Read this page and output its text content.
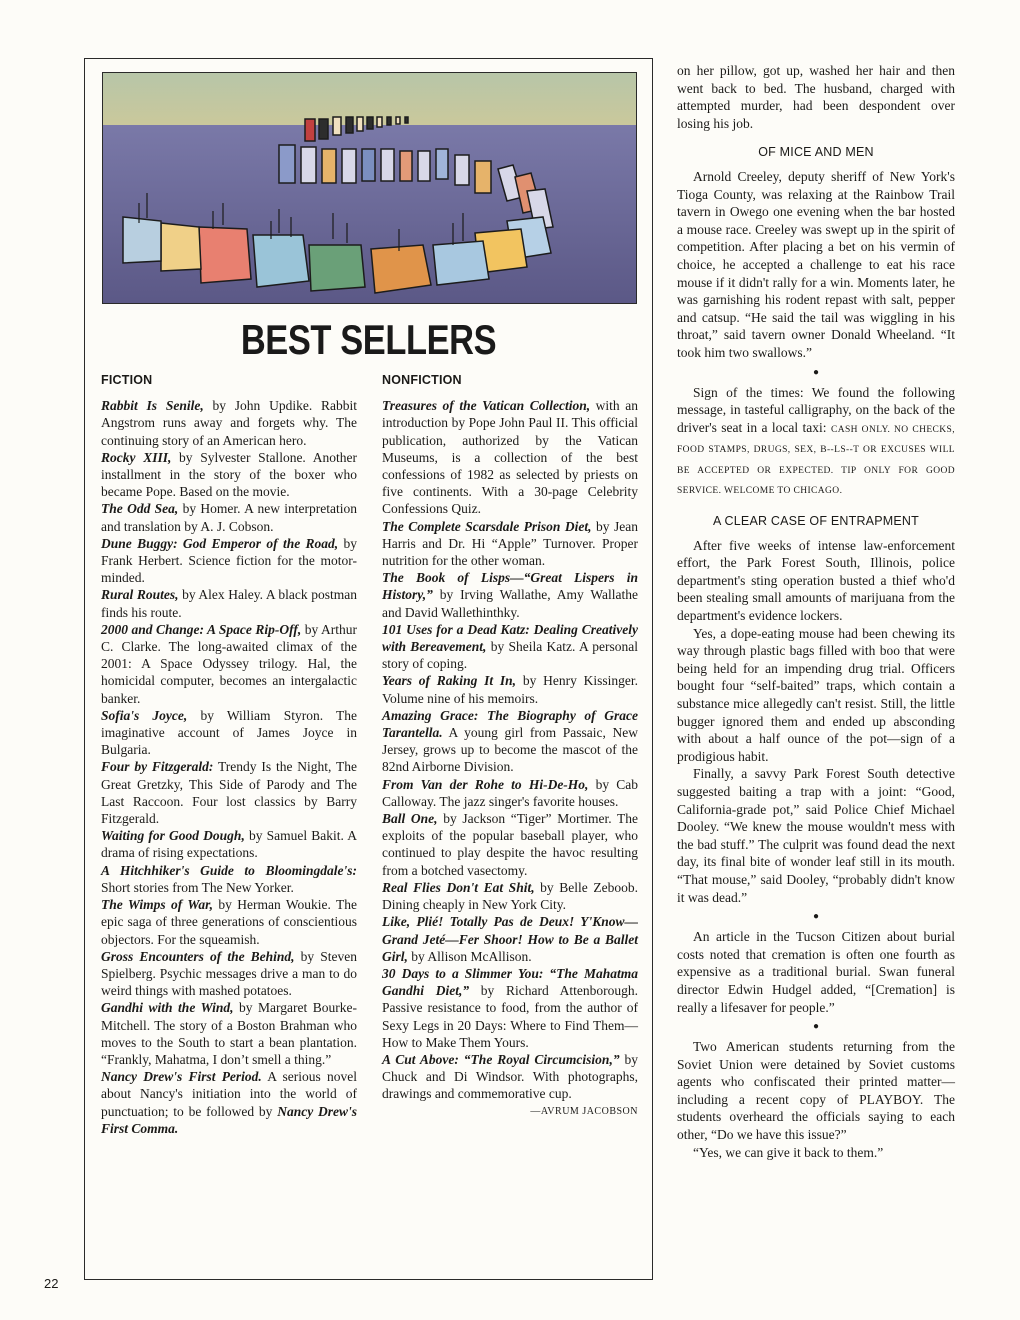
BEST SELLERS
FICTION

Rabbit Is Senile, by John Updike. Rabbit Angstrom runs away and forgets why. The continuing story of an American hero.

Rocky XIII, by Sylvester Stallone. Another installment in the story of the boxer who became Pope. Based on the movie.

The Odd Sea, by Homer. A new interpretation and translation by A. J. Cobson.

Dune Buggy: God Emperor of the Road, by Frank Herbert. Science fiction for the motor-minded.

Rural Routes, by Alex Haley. A black postman finds his route.

2000 and Change: A Space Rip-Off, by Arthur C. Clarke. The long-awaited climax of the 2001: A Space Odyssey trilogy. Hal, the homicidal computer, becomes an intergalactic banker.

Sofia's Joyce, by William Styron. The imaginative account of James Joyce in Bulgaria.

Four by Fitzgerald: Trendy Is the Night, The Great Gretzky, This Side of Parody and The Last Raccoon. Four lost classics by Barry Fitzgerald.

Waiting for Good Dough, by Samuel Bakit. A drama of rising expectations.

A Hitchhiker's Guide to Bloomingdale's: Short stories from The New Yorker.

The Wimps of War, by Herman Woukie. The epic saga of three generations of conscientious objectors. For the squeamish.

Gross Encounters of the Behind, by Steven Spielberg. Psychic messages drive a man to do weird things with mashed potatoes.

Gandhi with the Wind, by Margaret Bourke-Mitchell. The story of a Boston Brahman who moves to the South to start a bean plantation. “Frankly, Mahatma, I don’t smell a thing.”

Nancy Drew's First Period. A serious novel about Nancy's initiation into the world of punctuation; to be followed by Nancy Drew's First Comma.

NONFICTION

Treasures of the Vatican Collection, with an introduction by Pope John Paul II. This official publication, authorized by the Vatican Museums, is a collection of the best confessions of 1982 as selected by priests on five continents. With a 30-page Celebrity Confessions Quiz.

The Complete Scarsdale Prison Diet, by Jean Harris and Dr. Hi “Apple” Turnover. Proper nutrition for the other woman.

The Book of Lisps—“Great Lispers in History,” by Irving Wallathe, Amy Wallathe and David Wallethinthky.

101 Uses for a Dead Katz: Dealing Creatively with Bereavement, by Sheila Katz. A personal story of coping.

Years of Raking It In, by Henry Kissinger. Volume nine of his memoirs.

Amazing Grace: The Biography of Grace Tarantella. A young girl from Passaic, New Jersey, grows up to become the mascot of the 82nd Airborne Division.

From Van der Rohe to Hi-De-Ho, by Cab Calloway. The jazz singer's favorite houses.

Ball One, by Jackson “Tiger” Mortimer. The exploits of the popular baseball player, who continued to play despite the havoc resulting from a botched vasectomy.

Real Flies Don't Eat Shit, by Belle Zeboob. Dining cheaply in New York City.

Like, Plié! Totally Pas de Deux! Y'Know—Grand Jeté—Fer Shoor! How to Be a Ballet Girl, by Allison McAllison.

30 Days to a Slimmer You: “The Mahatma Gandhi Diet,” by Richard Attenborough. Passive resistance to food, from the author of Sexy Legs in 20 Days: Where to Find Them—How to Make Them Yours.

A Cut Above: “The Royal Circumcision,” by Chuck and Di Windsor. With photographs, drawings and commemorative cup.
—AVRUM JACOBSON

on her pillow, got up, washed her hair and then went back to bed. The husband, charged with attempted murder, had been despondent over losing his job.

OF MICE AND MEN

Arnold Creeley, deputy sheriff of New York's Tioga County, was relaxing at the Rainbow Trail tavern in Owego one evening when the bar hosted a mouse race. Creeley was swept up in the spirit of competition. After placing a bet on his vermin of choice, he accepted a challenge to eat his race mouse if it didn't rally for a win. Moments later, he was garnishing his rodent repast with salt, pepper and catsup. “He said the tail was wiggling in his throat,” said tavern owner Donald Wheeland. “It took him two swallows.”

●

Sign of the times: We found the following message, in tasteful calligraphy, on the back of the driver's seat in a local taxi: CASH ONLY. NO CHECKS, FOOD STAMPS, DRUGS, SEX, B--LS--T OR EXCUSES WILL BE ACCEPTED OR EXPECTED. TIP ONLY FOR GOOD SERVICE. WELCOME TO CHICAGO.

A CLEAR CASE OF ENTRAPMENT

After five weeks of intense law-enforcement effort, the Park Forest South, Illinois, police department's sting operation busted a thief who'd been stealing small amounts of marijuana from the department's evidence lockers.

Yes, a dope-eating mouse had been chewing its way through plastic bags filled with boo that were being held for an impending drug trial. Officers bought four “self-baited” traps, which contain a substance mice allegedly can't resist. Still, the little bugger ignored them and ended up absconding with about a half ounce of the pot—sign of a prodigious habit.

Finally, a savvy Park Forest South detective suggested baiting a trap with a joint: “Good, California-grade pot,” said Police Chief Michael Dooley. “We knew the mouse wouldn't mess with the bad stuff.” The culprit was found dead the next day, its final bite of wonder leaf still in its mouth. “That mouse,” said Dooley, “probably didn't know it was dead.”

●

An article in the Tucson Citizen about burial costs noted that cremation is often one fourth as expensive as a traditional burial. Swan funeral director Edwin Hudgel added, “[Cremation] is really a lifesaver for people.”

●

Two American students returning from the Soviet Union were detained by Soviet customs agents who confiscated their printed matter—including a recent copy of PLAYBOY. The students overheard the officials saying to each other, “Do we have this issue?”

“Yes, we can give it back to them.”

22
